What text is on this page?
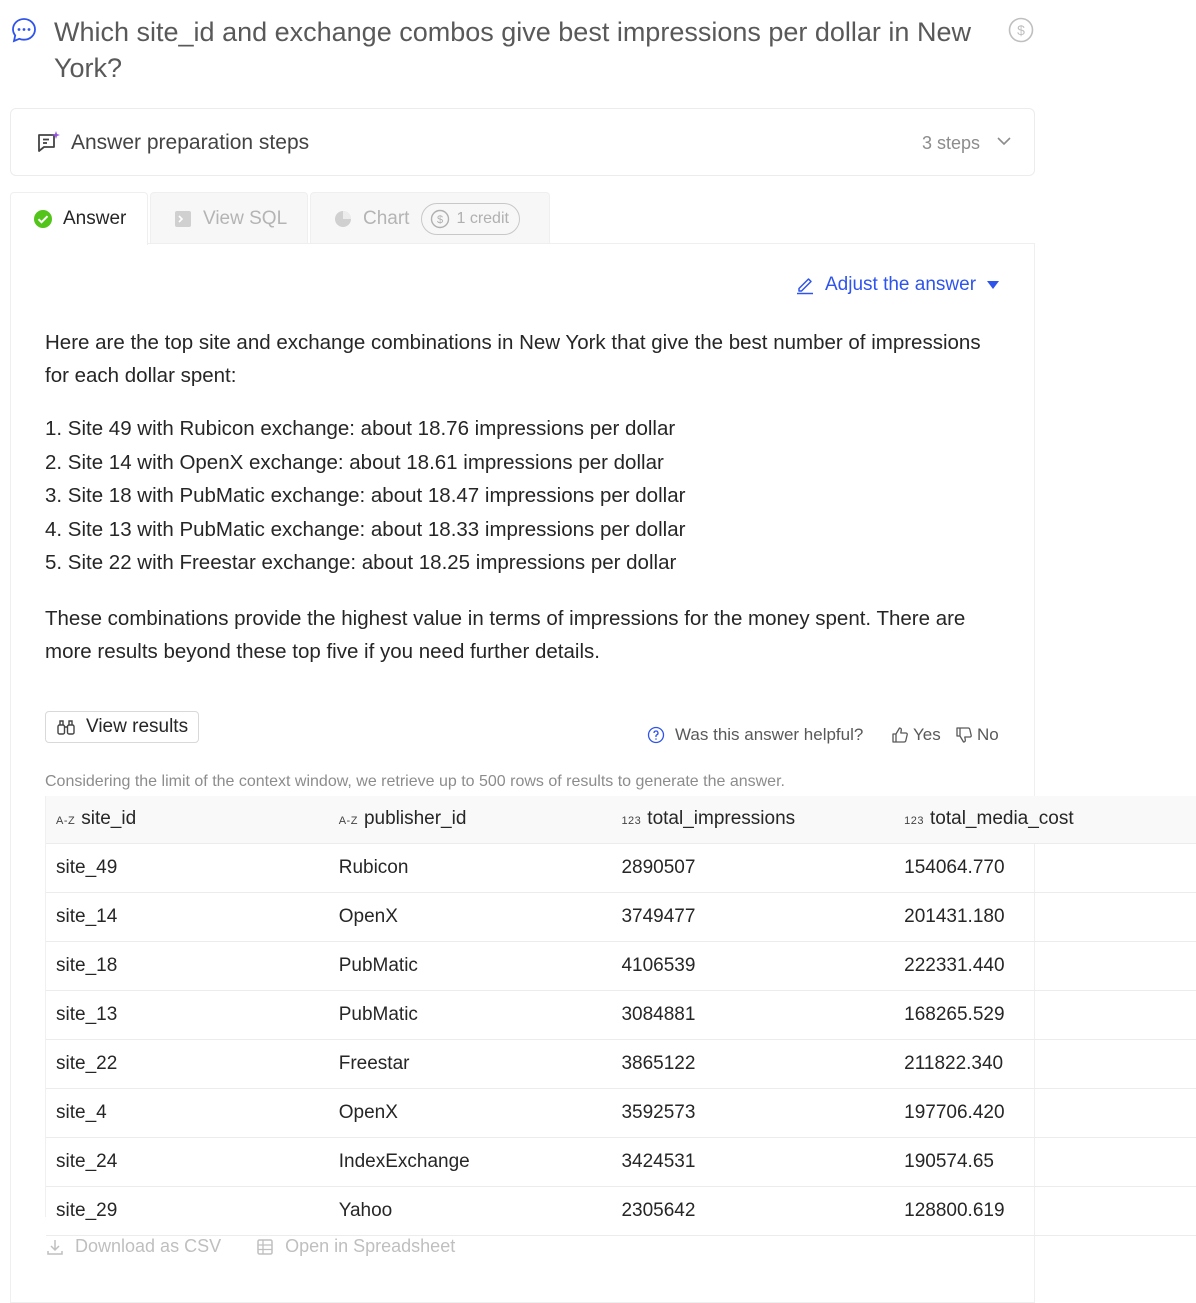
Which site_id and exchange combos give best impressions per dollar in New York?
$
Answer preparation steps	3 steps
Answer	View SQL	Chart	$ 1 credit
Adjust the answer

Here are the top site and exchange combinations in New York that give the best number of impressions for each dollar spent:

1. Site 49 with Rubicon exchange: about 18.76 impressions per dollar
2. Site 14 with OpenX exchange: about 18.61 impressions per dollar
3. Site 18 with PubMatic exchange: about 18.47 impressions per dollar
4. Site 13 with PubMatic exchange: about 18.33 impressions per dollar
5. Site 22 with Freestar exchange: about 18.25 impressions per dollar

These combinations provide the highest value in terms of impressions for the money spent. There are more results beyond these top five if you need further details.

View results	Was this answer helpful?	Yes No

Considering the limit of the context window, we retrieve up to 500 rows of results to generate the answer.

A-Z site_id	A-Z publisher_id	123 total_impressions	123 total_media_cost
site_49	Rubicon	2890507	154064.770
site_14	OpenX	3749477	201431.180
site_18	PubMatic	4106539	222331.440
site_13	PubMatic	3084881	168265.529
site_22	Freestar	3865122	211822.340
site_4	OpenX	3592573	197706.420
site_24	IndexExchange	3424531	190574.65
site_29	Yahoo	2305642	128800.619
Download as CSV	Open in Spreadsheet
